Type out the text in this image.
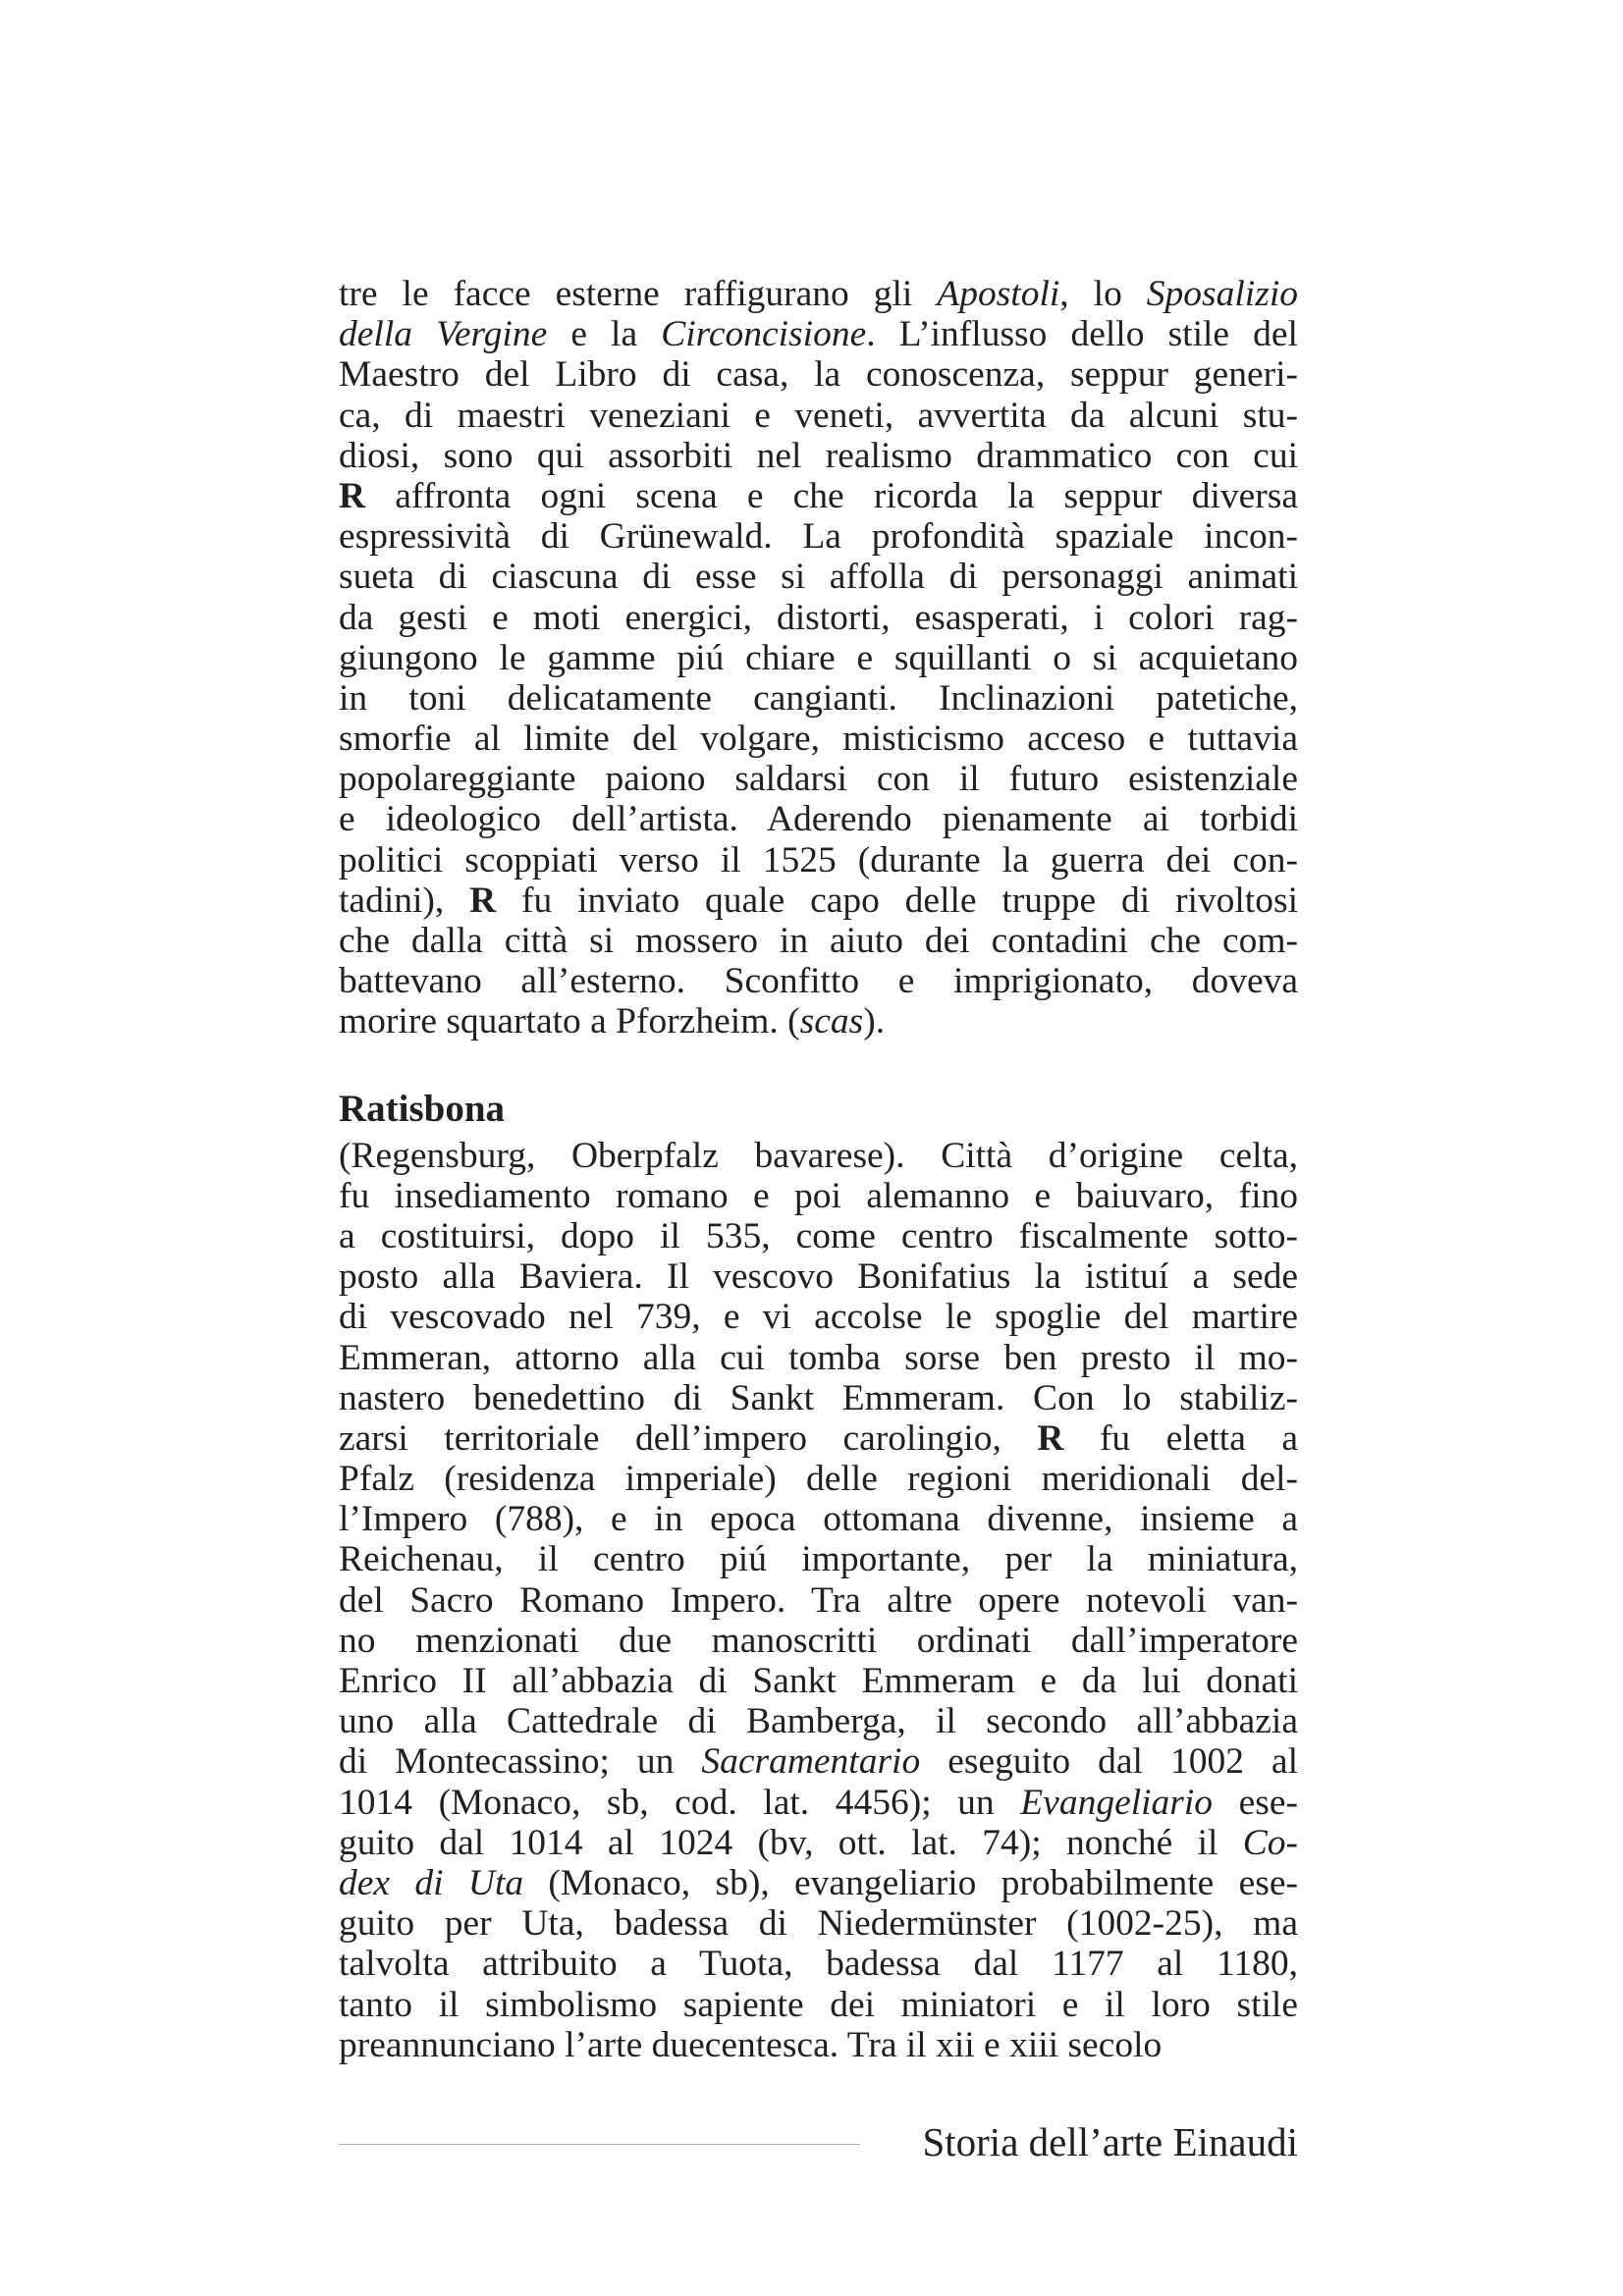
tre le facce esterne raffigurano gli Apostoli, lo Sposalizio
della Vergine e la Circoncisione. L’influsso dello stile del
Maestro del Libro di casa, la conoscenza, seppur generi-
ca, di maestri veneziani e veneti, avvertita da alcuni stu-
diosi, sono qui assorbiti nel realismo drammatico con cui
R affronta ogni scena e che ricorda la seppur diversa
espressività di Grünewald. La profondità spaziale incon-
sueta di ciascuna di esse si affolla di personaggi animati
da gesti e moti energici, distorti, esasperati, i colori rag-
giungono le gamme piú chiare e squillanti o si acquietano
in toni delicatamente cangianti. Inclinazioni patetiche,
smorfie al limite del volgare, misticismo acceso e tuttavia
popolareggiante paiono saldarsi con il futuro esistenziale
e ideologico dell’artista. Aderendo pienamente ai torbidi
politici scoppiati verso il 1525 (durante la guerra dei con-
tadini), R fu inviato quale capo delle truppe di rivoltosi
che dalla città si mossero in aiuto dei contadini che com-
battevano all’esterno. Sconfitto e imprigionato, doveva
morire squartato a Pforzheim. (scas).
Ratisbona
(Regensburg, Oberpfalz bavarese). Città d’origine celta,
fu insediamento romano e poi alemanno e baiuvaro, fino
a costituirsi, dopo il 535, come centro fiscalmente sotto-
posto alla Baviera. Il vescovo Bonifatius la istituí a sede
di vescovado nel 739, e vi accolse le spoglie del martire
Emmeran, attorno alla cui tomba sorse ben presto il mo-
nastero benedettino di Sankt Emmeram. Con lo stabiliz-
zarsi territoriale dell’impero carolingio, R fu eletta a
Pfalz (residenza imperiale) delle regioni meridionali del-
l’Impero (788), e in epoca ottomana divenne, insieme a
Reichenau, il centro piú importante, per la miniatura,
del Sacro Romano Impero. Tra altre opere notevoli van-
no menzionati due manoscritti ordinati dall’imperatore
Enrico II all’abbazia di Sankt Emmeram e da lui donati
uno alla Cattedrale di Bamberga, il secondo all’abbazia
di Montecassino; un Sacramentario eseguito dal 1002 al
1014 (Monaco, sb, cod. lat. 4456); un Evangeliario ese-
guito dal 1014 al 1024 (bv, ott. lat. 74); nonché il Co-
dex di Uta (Monaco, sb), evangeliario probabilmente ese-
guito per Uta, badessa di Niedermünster (1002-25), ma
talvolta attribuito a Tuota, badessa dal 1177 al 1180,
tanto il simbolismo sapiente dei miniatori e il loro stile
preannunciano l’arte duecentesca. Tra il xii e xiii secolo
Storia dell’arte Einaudi
